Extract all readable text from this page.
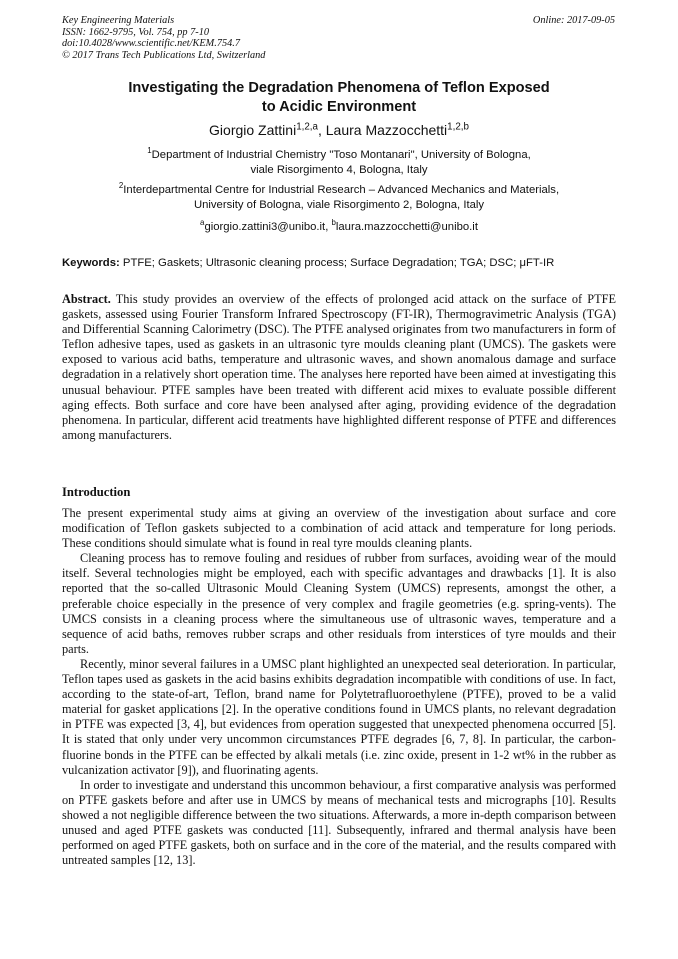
Key Engineering Materials
ISSN: 1662-9795, Vol. 754, pp 7-10
doi:10.4028/www.scientific.net/KEM.754.7
© 2017 Trans Tech Publications Ltd, Switzerland
Online: 2017-09-05
Investigating the Degradation Phenomena of Teflon Exposed
to Acidic Environment
Giorgio Zattini$^{1,2,a}$, Laura Mazzocchetti$^{1,2,b}$
$^1$Department of Industrial Chemistry "Toso Montanari", University of Bologna,
viale Risorgimento 4, Bologna, Italy
$^2$Interdepartmental Centre for Industrial Research – Advanced Mechanics and Materials,
University of Bologna, viale Risorgimento 2, Bologna, Italy
$^a$giorgio.zattini3@unibo.it, $^b$laura.mazzocchetti@unibo.it
Keywords: PTFE; Gaskets; Ultrasonic cleaning process; Surface Degradation; TGA; DSC; μFT-IR

Abstract. This study provides an overview of the effects of prolonged acid attack on the surface of PTFE gaskets, assessed using Fourier Transform Infrared Spectroscopy (FT-IR), Thermogravimetric Analysis (TGA) and Differential Scanning Calorimetry (DSC). The PTFE analysed originates from two manufacturers in form of Teflon adhesive tapes, used as gaskets in an ultrasonic tyre moulds cleaning plant (UMCS). The gaskets were exposed to various acid baths, temperature and ultrasonic waves, and shown anomalous damage and surface degradation in a relatively short operation time. The analyses here reported have been aimed at investigating this unusual behaviour. PTFE samples have been treated with different acid mixes to evaluate possible different aging effects. Both surface and core have been analysed after aging, providing evidence of the degradation phenomena. In particular, different acid treatments have highlighted different response of PTFE and differences among manufacturers.

Introduction

The present experimental study aims at giving an overview of the investigation about surface and core modification of Teflon gaskets subjected to a combination of acid attack and temperature for long periods. These conditions should simulate what is found in real tyre moulds cleaning plants.

Cleaning process has to remove fouling and residues of rubber from surfaces, avoiding wear of the mould itself. Several technologies might be employed, each with specific advantages and drawbacks [1]. It is also reported that the so-called Ultrasonic Mould Cleaning System (UMCS) represents, amongst the other, a preferable choice especially in the presence of very complex and fragile geometries (e.g. spring-vents). The UMCS consists in a cleaning process where the simultaneous use of ultrasonic waves, temperature and a sequence of acid baths, removes rubber scraps and other residuals from interstices of tyre moulds and their parts.

Recently, minor several failures in a UMSC plant highlighted an unexpected seal deterioration. In particular, Teflon tapes used as gaskets in the acid basins exhibits degradation incompatible with conditions of use. In fact, according to the state-of-art, Teflon, brand name for Polytetrafluoroethylene (PTFE), proved to be a valid material for gasket applications [2]. In the operative conditions found in UMCS plants, no relevant degradation in PTFE was expected [3, 4], but evidences from operation suggested that unexpected phenomena occurred [5]. It is stated that only under very uncommon circumstances PTFE degrades [6, 7, 8]. In particular, the carbon-fluorine bonds in the PTFE can be effected by alkali metals (i.e. zinc oxide, present in 1-2 wt% in the rubber as vulcanization activator [9]), and fluorinating agents.

In order to investigate and understand this uncommon behaviour, a first comparative analysis was performed on PTFE gaskets before and after use in UMCS by means of mechanical tests and micrographs [10]. Results showed a not negligible difference between the two situations. Afterwards, a more in-depth comparison between unused and aged PTFE gaskets was conducted [11]. Subsequently, infrared and thermal analysis have been performed on aged PTFE gaskets, both on surface and in the core of the material, and the results compared with untreated samples [12, 13].
